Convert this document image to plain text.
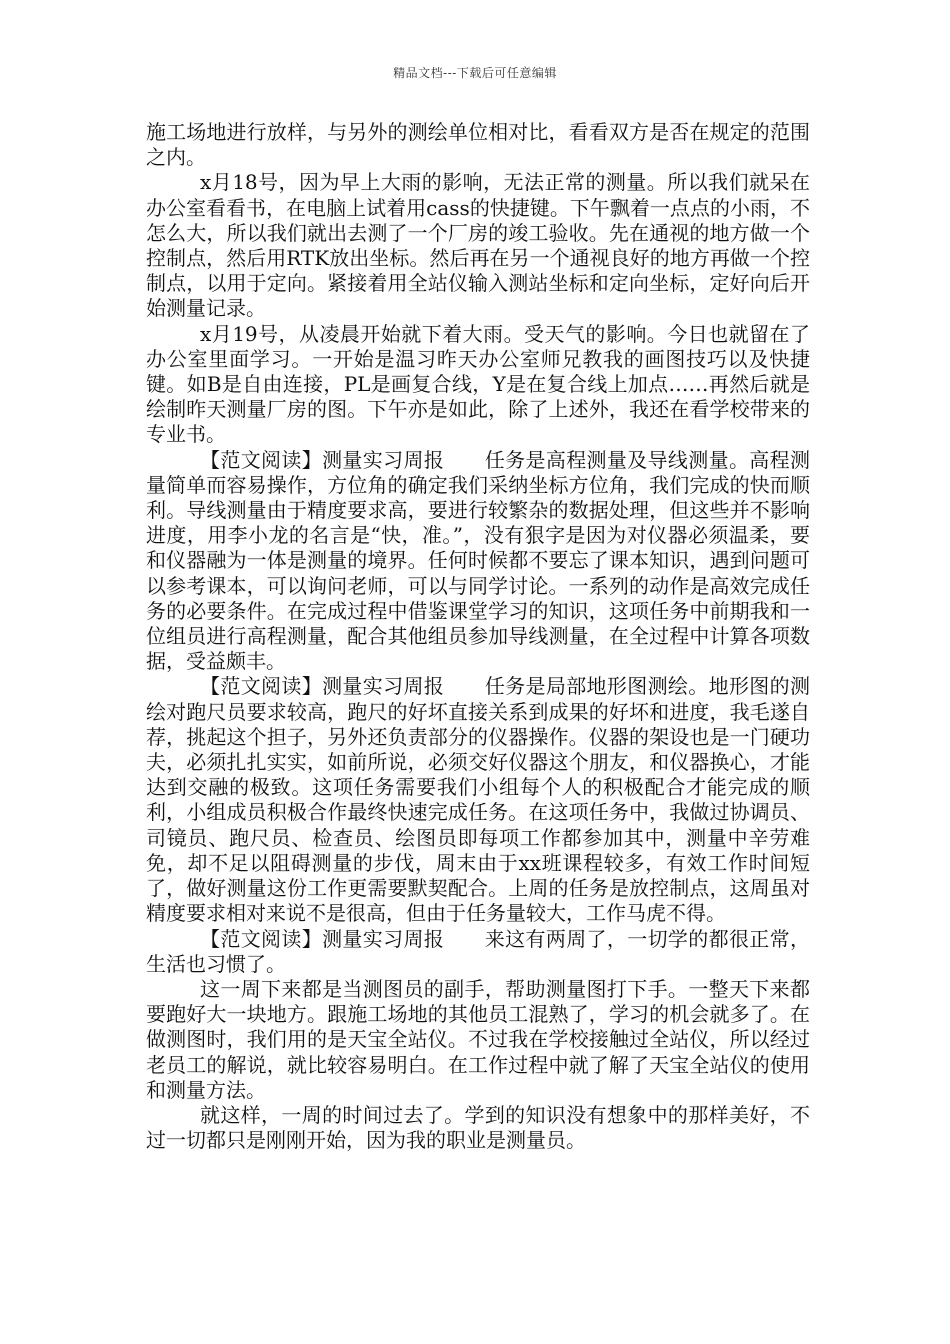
精品文档---下载后可任意编辑

施工场地进行放样，与另外的测绘单位相对比，看看双方是否在规定的范围之内。

x月18号，因为早上大雨的影响，无法正常的测量。所以我们就呆在办公室看看书，在电脑上试着用cass的快捷键。下午飘着一点点的小雨，不怎么大，所以我们就出去测了一个厂房的竣工验收。先在通视的地方做一个控制点，然后用RTK放出坐标。然后再在另一个通视良好的地方再做一个控制点，以用于定向。紧接着用全站仪输入测站坐标和定向坐标，定好向后开始测量记录。

x月19号，从凌晨开始就下着大雨。受天气的影响。今日也就留在了办公室里面学习。一开始是温习昨天办公室师兄教我的画图技巧以及快捷键。如B是自由连接，PL是画复合线，Y是在复合线上加点……再然后就是绘制昨天测量厂房的图。下午亦是如此，除了上述外，我还在看学校带来的专业书。

【范文阅读】测量实习周报　　任务是高程测量及导线测量。高程测量简单而容易操作，方位角的确定我们采纳坐标方位角，我们完成的快而顺利。导线测量由于精度要求高，要进行较繁杂的数据处理，但这些并不影响进度，用李小龙的名言是“快，准。”，没有狠字是因为对仪器必须温柔，要和仪器融为一体是测量的境界。任何时候都不要忘了课本知识，遇到问题可以参考课本，可以询问老师，可以与同学讨论。一系列的动作是高效完成任务的必要条件。在完成过程中借鉴课堂学习的知识，这项任务中前期我和一位组员进行高程测量，配合其他组员参加导线测量，在全过程中计算各项数据，受益颇丰。

【范文阅读】测量实习周报　　任务是局部地形图测绘。地形图的测绘对跑尺员要求较高，跑尺的好坏直接关系到成果的好坏和进度，我毛遂自荐，挑起这个担子，另外还负责部分的仪器操作。仪器的架设也是一门硬功夫，必须扎扎实实，如前所说，必须交好仪器这个朋友，和仪器换心，才能达到交融的极致。这项任务需要我们小组每个人的积极配合才能完成的顺利，小组成员积极合作最终快速完成任务。在这项任务中，我做过协调员、司镜员、跑尺员、检查员、绘图员即每项工作都参加其中，测量中辛劳难免，却不足以阻碍测量的步伐，周末由于xx班课程较多，有效工作时间短了，做好测量这份工作更需要默契配合。上周的任务是放控制点，这周虽对精度要求相对来说不是很高，但由于任务量较大，工作马虎不得。

【范文阅读】测量实习周报　　来这有两周了，一切学的都很正常，生活也习惯了。

这一周下来都是当测图员的副手，帮助测量图打下手。一整天下来都要跑好大一块地方。跟施工场地的其他员工混熟了，学习的机会就多了。在做测图时，我们用的是天宝全站仪。不过我在学校接触过全站仪，所以经过老员工的解说，就比较容易明白。在工作过程中就了解了天宝全站仪的使用和测量方法。

就这样，一周的时间过去了。学到的知识没有想象中的那样美好，不过一切都只是刚刚开始，因为我的职业是测量员。
